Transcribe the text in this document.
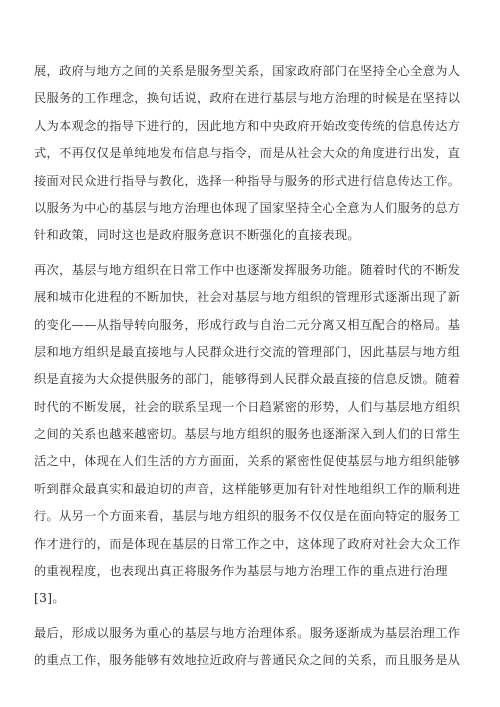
展，政府与地方之间的关系是服务型关系，国家政府部门在坚持全心全意为人
民服务的工作理念，换句话说，政府在进行基层与地方治理的时候是在坚持以
人为本观念的指导下进行的，因此地方和中央政府开始改变传统的信息传达方
式，不再仅仅是单纯地发布信息与指令，而是从社会大众的角度进行出发，直
接面对民众进行指导与教化，选择一种指导与服务的形式进行信息传达工作。
以服务为中心的基层与地方治理也体现了国家坚持全心全意为人们服务的总方
针和政策，同时这也是政府服务意识不断强化的直接表现。

再次，基层与地方组织在日常工作中也逐渐发挥服务功能。随着时代的不断发
展和城市化进程的不断加快，社会对基层与地方组织的管理形式逐渐出现了新
的变化——从指导转向服务，形成行政与自治二元分离又相互配合的格局。基
层和地方组织是最直接地与人民群众进行交流的管理部门，因此基层与地方组
织是直接为大众提供服务的部门，能够得到人民群众最直接的信息反馈。随着
时代的不断发展，社会的联系呈现一个日趋紧密的形势，人们与基层地方组织
之间的关系也越来越密切。基层与地方组织的服务也逐渐深入到人们的日常生
活之中，体现在人们生活的方方面面，关系的紧密性促使基层与地方组织能够
听到群众最真实和最迫切的声音，这样能够更加有针对性地组织工作的顺利进
行。从另一个方面来看，基层与地方组织的服务不仅仅是在面向特定的服务工
作才进行的，而是体现在基层的日常工作之中，这体现了政府对社会大众工作
的重视程度，也表现出真正将服务作为基层与地方治理工作的重点进行治理
[3]。

最后，形成以服务为重心的基层与地方治理体系。服务逐渐成为基层治理工作
的重点工作，服务能够有效地拉近政府与普通民众之间的关系，而且服务是从
